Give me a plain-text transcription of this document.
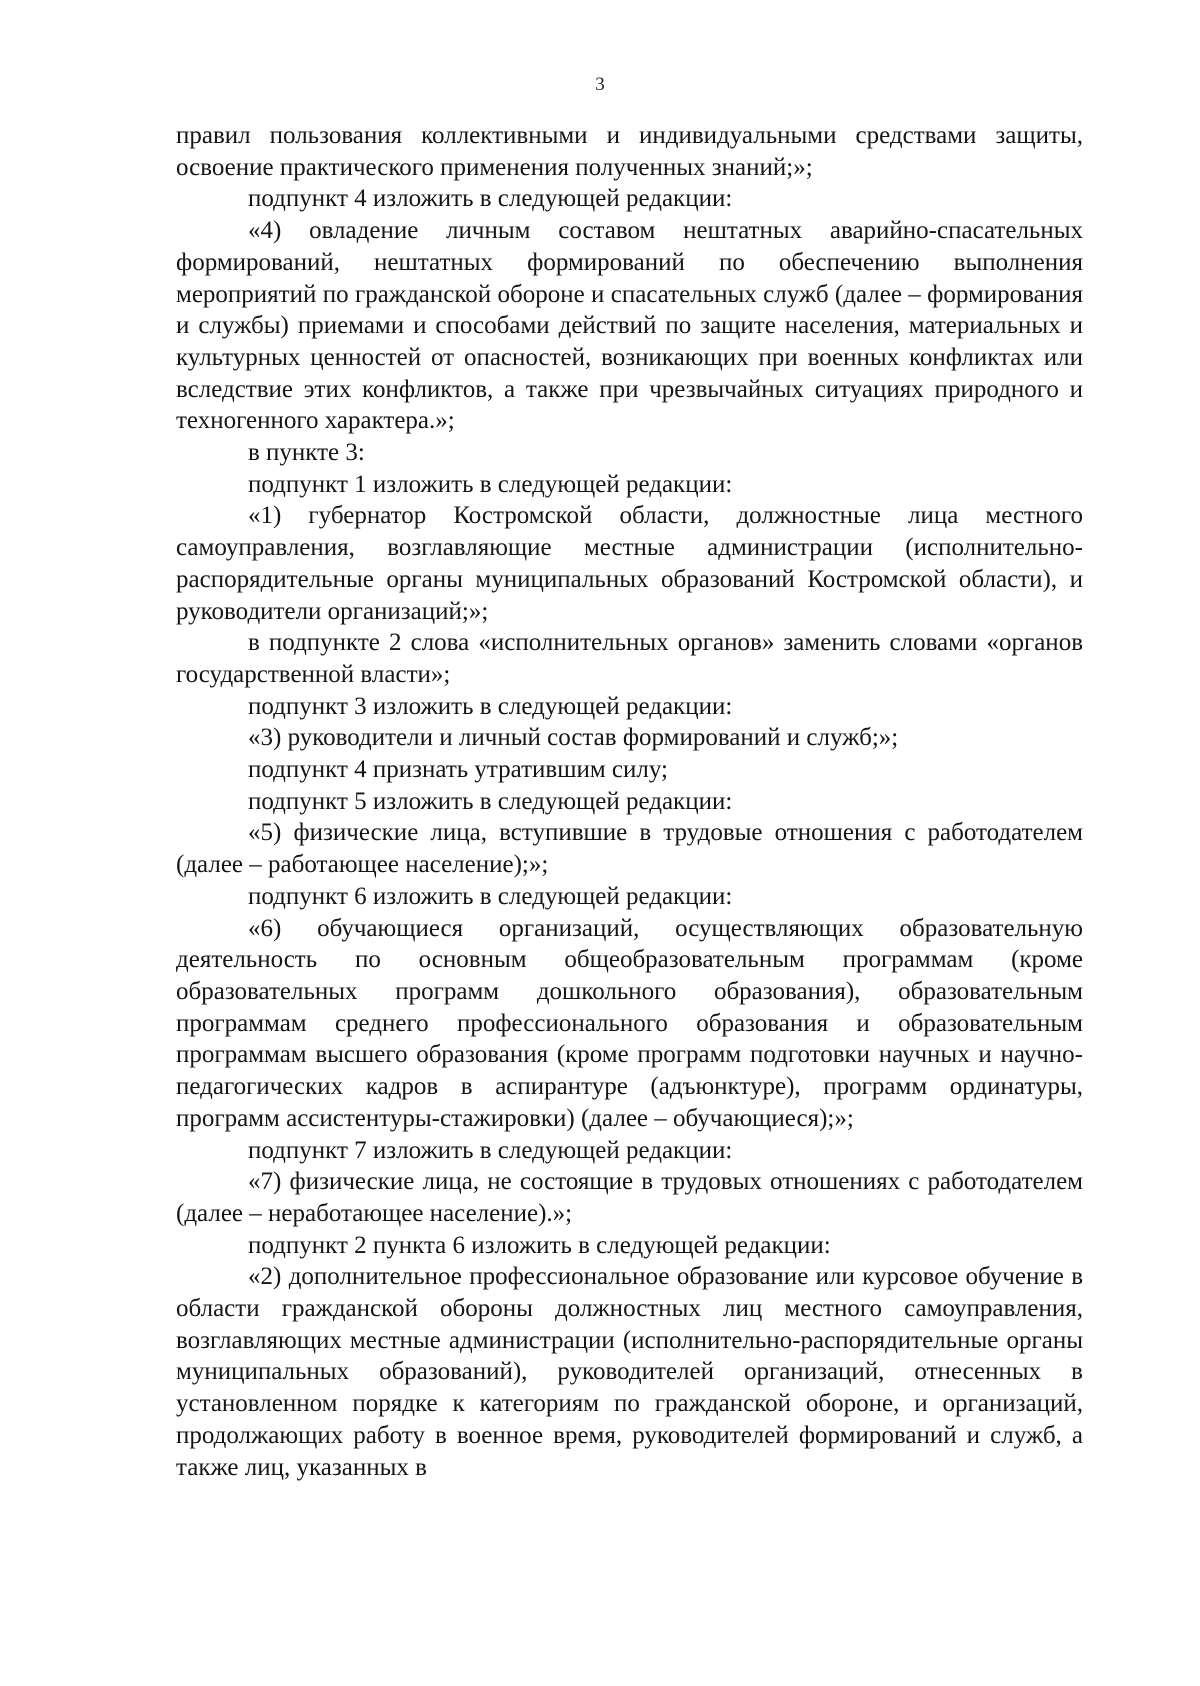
3

правил пользования коллективными и индивидуальными средствами защиты, освоение практического применения полученных знаний;»;

подпункт 4 изложить в следующей редакции:

«4) овладение личным составом нештатных аварийно-спасательных формирований, нештатных формирований по обеспечению выполнения мероприятий по гражданской обороне и спасательных служб (далее – формирования и службы) приемами и способами действий по защите населения, материальных и культурных ценностей от опасностей, возникающих при военных конфликтах или вследствие этих конфликтов, а также при чрезвычайных ситуациях природного и техногенного характера.»;

в пункте 3:

подпункт 1 изложить в следующей редакции:

«1) губернатор Костромской области, должностные лица местного самоуправления, возглавляющие местные администрации (исполнительно-распорядительные органы муниципальных образований Костромской области), и руководители организаций;»;

в подпункте 2 слова «исполнительных органов» заменить словами «органов государственной власти»;

подпункт 3 изложить в следующей редакции:

«3) руководители и личный состав формирований и служб;»;

подпункт 4 признать утратившим силу;

подпункт 5 изложить в следующей редакции:

«5) физические лица, вступившие в трудовые отношения с работодателем (далее – работающее население);»;

подпункт 6 изложить в следующей редакции:

«6) обучающиеся организаций, осуществляющих образовательную деятельность по основным общеобразовательным программам (кроме образовательных программ дошкольного образования), образовательным программам среднего профессионального образования и образовательным программам высшего образования (кроме программ подготовки научных и научно-педагогических кадров в аспирантуре (адъюнктуре), программ ординатуры, программ ассистентуры-стажировки) (далее – обучающиеся);»;

подпункт 7 изложить в следующей редакции:

«7) физические лица, не состоящие в трудовых отношениях с работодателем (далее – неработающее население).»;

подпункт 2 пункта 6 изложить в следующей редакции:

«2) дополнительное профессиональное образование или курсовое обучение в области гражданской обороны должностных лиц местного самоуправления, возглавляющих местные администрации (исполнительно-распорядительные органы муниципальных образований), руководителей организаций, отнесенных в установленном порядке к категориям по гражданской обороне, и организаций, продолжающих работу в военное время, руководителей формирований и служб, а также лиц, указанных в
